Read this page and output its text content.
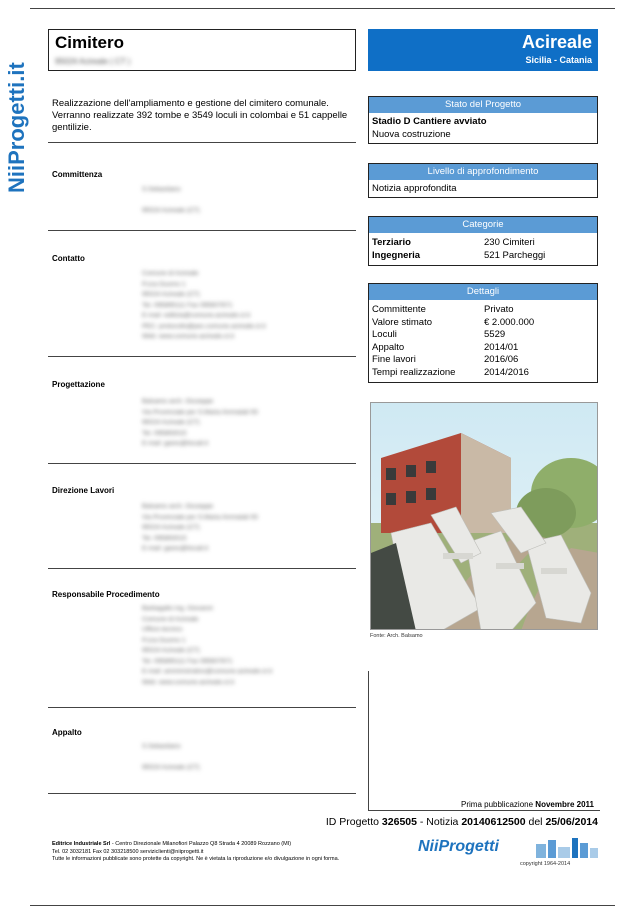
NiiProgetti.it
Cimitero
95024 Acireale ( CT )
Acireale
Sicilia - Catania
Realizzazione dell'ampliamento e gestione del cimitero comunale. Verranno realizzate 392 tombe e 3549 loculi in colombai e 51 cappelle gentilizie.
Stato del Progetto
Stadio D Cantiere avviato
Nuova costruzione
Livello di approfondimento
Notizia approfondita
Categorie
Terziario	230 Cimiteri
Ingegneria	521 Parcheggi
Dettagli
Committente	Privato
Valore stimato	€ 2.000.000
Loculi	5529
Appalto	2014/01
Fine lavori	2016/06
Tempi realizzazione	2014/2016
Committenza
S.Sebastiano
95024 Acireale (CT)
Contatto
Comune di Acireale
P.zza Duomo 1
95024 Acireale (CT)
Tel. 095895111 Fax 095607671
E-mail: edilizia@comune.acireale.ct.it
PEC: protocollo@pec.comune.acireale.ct.it
Web: www.comune.acireale.ct.it
Progettazione
Balsamo arch. Giuseppe
Via Provinciale per S.Maria Ammalati 93
95024 Acireale (CT)
Tel. 095893015
E-mail: gares@tiscali.it
Direzione Lavori
Balsamo arch. Giuseppe
Via Provinciale per S.Maria Ammalati 93
95024 Acireale (CT)
Tel. 095893015
E-mail: gares@tiscali.it
Responsabile Procedimento
Barbagallo ing. Giovanni
Comune di Acireale
Ufficio tecnico
P.zza Duomo 1
95024 Acireale (CT)
Tel. 095895111 Fax 095607671
E-mail: amministrativo@comune.acireale.ct.it
Web: www.comune.acireale.ct.it
Appalto
S.Sebastiano
95024 Acireale (CT)
Fonte: Arch. Balsamo
Prima pubblicazione Novembre 2011
ID Progetto 326505 - Notizia 20140612500 del 25/06/2014
Editrice Industriale Srl - Centro Direzionale Milanofiori Palazzo Q8 Strada 4 20089 Rozzano (MI)
Tel. 02 3032181 Fax 02 303218500 serviziclienti@niiprogetti.it
Tutte le informazioni pubblicate sono protette da copyright. Ne è vietata la riproduzione e/o divulgazione in ogni forma.
NiiProgetti
copyright 1964-2014
